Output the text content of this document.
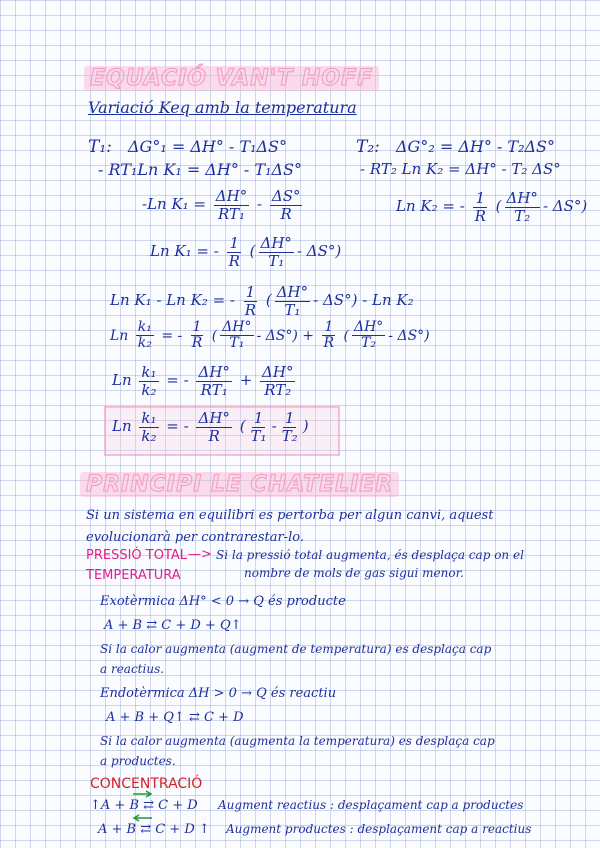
EQUACIÓ VAN'T HOFF
Variació Keq amb la temperatura
T₁: ΔG°₁ = ΔH° - T₁ΔS°
- RT₁Ln K₁ = ΔH° - T₁ΔS°
-Ln $K_1 = \frac{\Delta H^\circ}{\text{RT₁}} - \frac{\Delta S^\circ}{R}$
T₂: ΔG°₂ = ΔH° - T₂ΔS°
- RT₂ Ln K₂ = ΔH° - T₂ ΔS°
Ln K₂ = - $\frac{1}{R}$ ( $\frac{\Delta H^\circ}{\text{T₂}} - \Delta S^\circ$)
Ln K₁ = - $\frac{1}{R}$ ( $\frac{\Delta H^\circ}{\text{T₁}} - \Delta S^\circ$)
Ln K₁ - Ln K₂ = - $\frac{1}{R}$ ( $\frac{\Delta H^\circ}{\text{T₁}} - \Delta S^\circ$) - Ln K₂
Ln $\frac{\text{k₁}}{\text{k₂}}$ = - $\frac{1}{R}$ ( $\frac{\Delta H^\circ}{\text{T₁}} - \Delta S^\circ) + \frac{1}{R}$ ( $\frac{\Delta H^\circ}{\text{T₂}} - \Delta S^\circ$)
Ln $\frac{\text{k₁}}{\text{k₂}}$ = - $\frac{\Delta H^\circ}{\text{RT₁}} + \frac{\Delta H^\circ}{\text{RT₂}}$
Ln $\frac{\text{k₁}}{\text{k₂}}$ = - $\frac{\Delta H^\circ}{R}$ ( $\frac{1}{\text{T₁}} - \frac{1}{\text{T₂}}$ )
PRINCIPI LE CHATELIER
Si un sistema en equilibri es pertorba per algun canvi, aquest
evolucionarà per contrarestar-lo.
PRESSIÓ TOTAL —> Si la pressió total augmenta, és desplaça cap on el
TEMPERATURA	nombre de mols de gas sigui menor.
Exotèrmica ΔH° < 0 → Q és producte
A + B ⇄ C + D + Q↑
Si la calor augmenta (augment de temperatura) es desplaça cap
a reactius.
Endotèrmica ΔH > 0 → Q és reactiu
A + B + Q↑ ⇄ C + D
Si la calor augmenta (augmenta la temperatura) es desplaça cap
a productes.
CONCENTRACIÓ
↑A + B ⇄ C + D Augment reactius : desplaçament cap a productes
A + B ⇄ C + D ↑ Augment productes : desplaçament cap a reactius
